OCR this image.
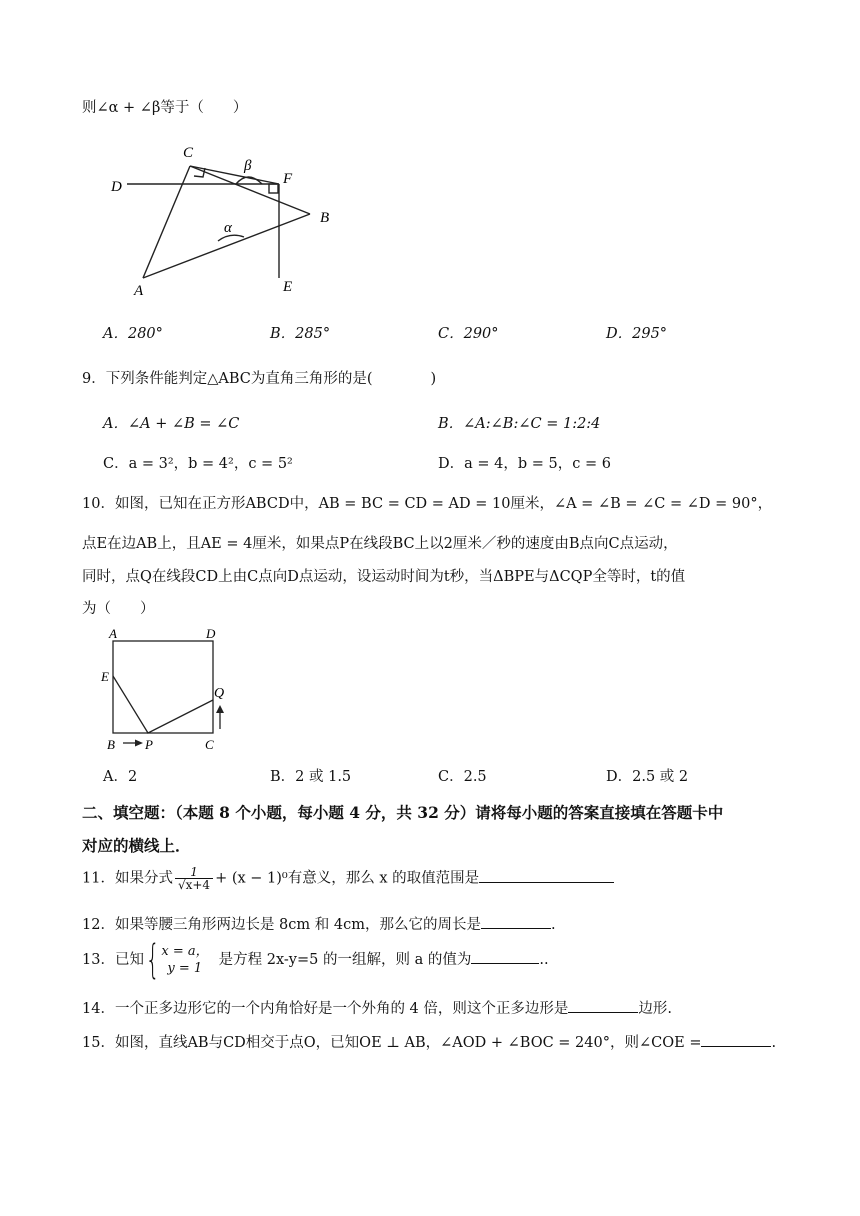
则∠α + ∠β等于（　　）
C
F
D
B
A	E
β
α
A．280°	B．285°	C．290°	D．295°
9．下列条件能判定△ABC为直角三角形的是(　　　　)
A．∠A + ∠B = ∠C	B．∠A:∠B:∠C = 1:2:4
C．a = 3²，b = 4²，c = 5²	D．a = 4，b = 5，c = 6
10．如图，已知在正方形ABCD中，AB = BC = CD = AD = 10厘米，∠A = ∠B = ∠C = ∠D = 90°，
点E在边AB上，且AE = 4厘米，如果点P在线段BC上以2厘米／秒的速度由B点向C点运动，
同时，点Q在线段CD上由C点向D点运动，设运动时间为t秒，当ΔBPE与ΔCQP全等时，t的值
为（　　）
A	D
E
Q
B P	C
A．2	B．2 或 1.5	C．2.5	D．2.5 或 2
二、填空题：（本题 8 个小题，每小题 4 分，共 32 分）请将每小题的答案直接填在答题卡中
对应的横线上．
11．如果分式 $\frac{1}{√x+4} + (x - 1)^0$有意义，那么 x 的取值范围是
12．如果等腰三角形两边长是 8cm 和 4cm，那么它的周长是	.
13．已知{ x = a，
y = 1
是方程 2x-y=5 的一组解，则 a 的值为	..
14．一个正多边形它的一个内角恰好是一个外角的 4 倍，则这个正多边形是	边形.
15．如图，直线AB与CD相交于点O，已知OE ⊥ AB，∠AOD + ∠BOC = 240°，则∠COE =	.
